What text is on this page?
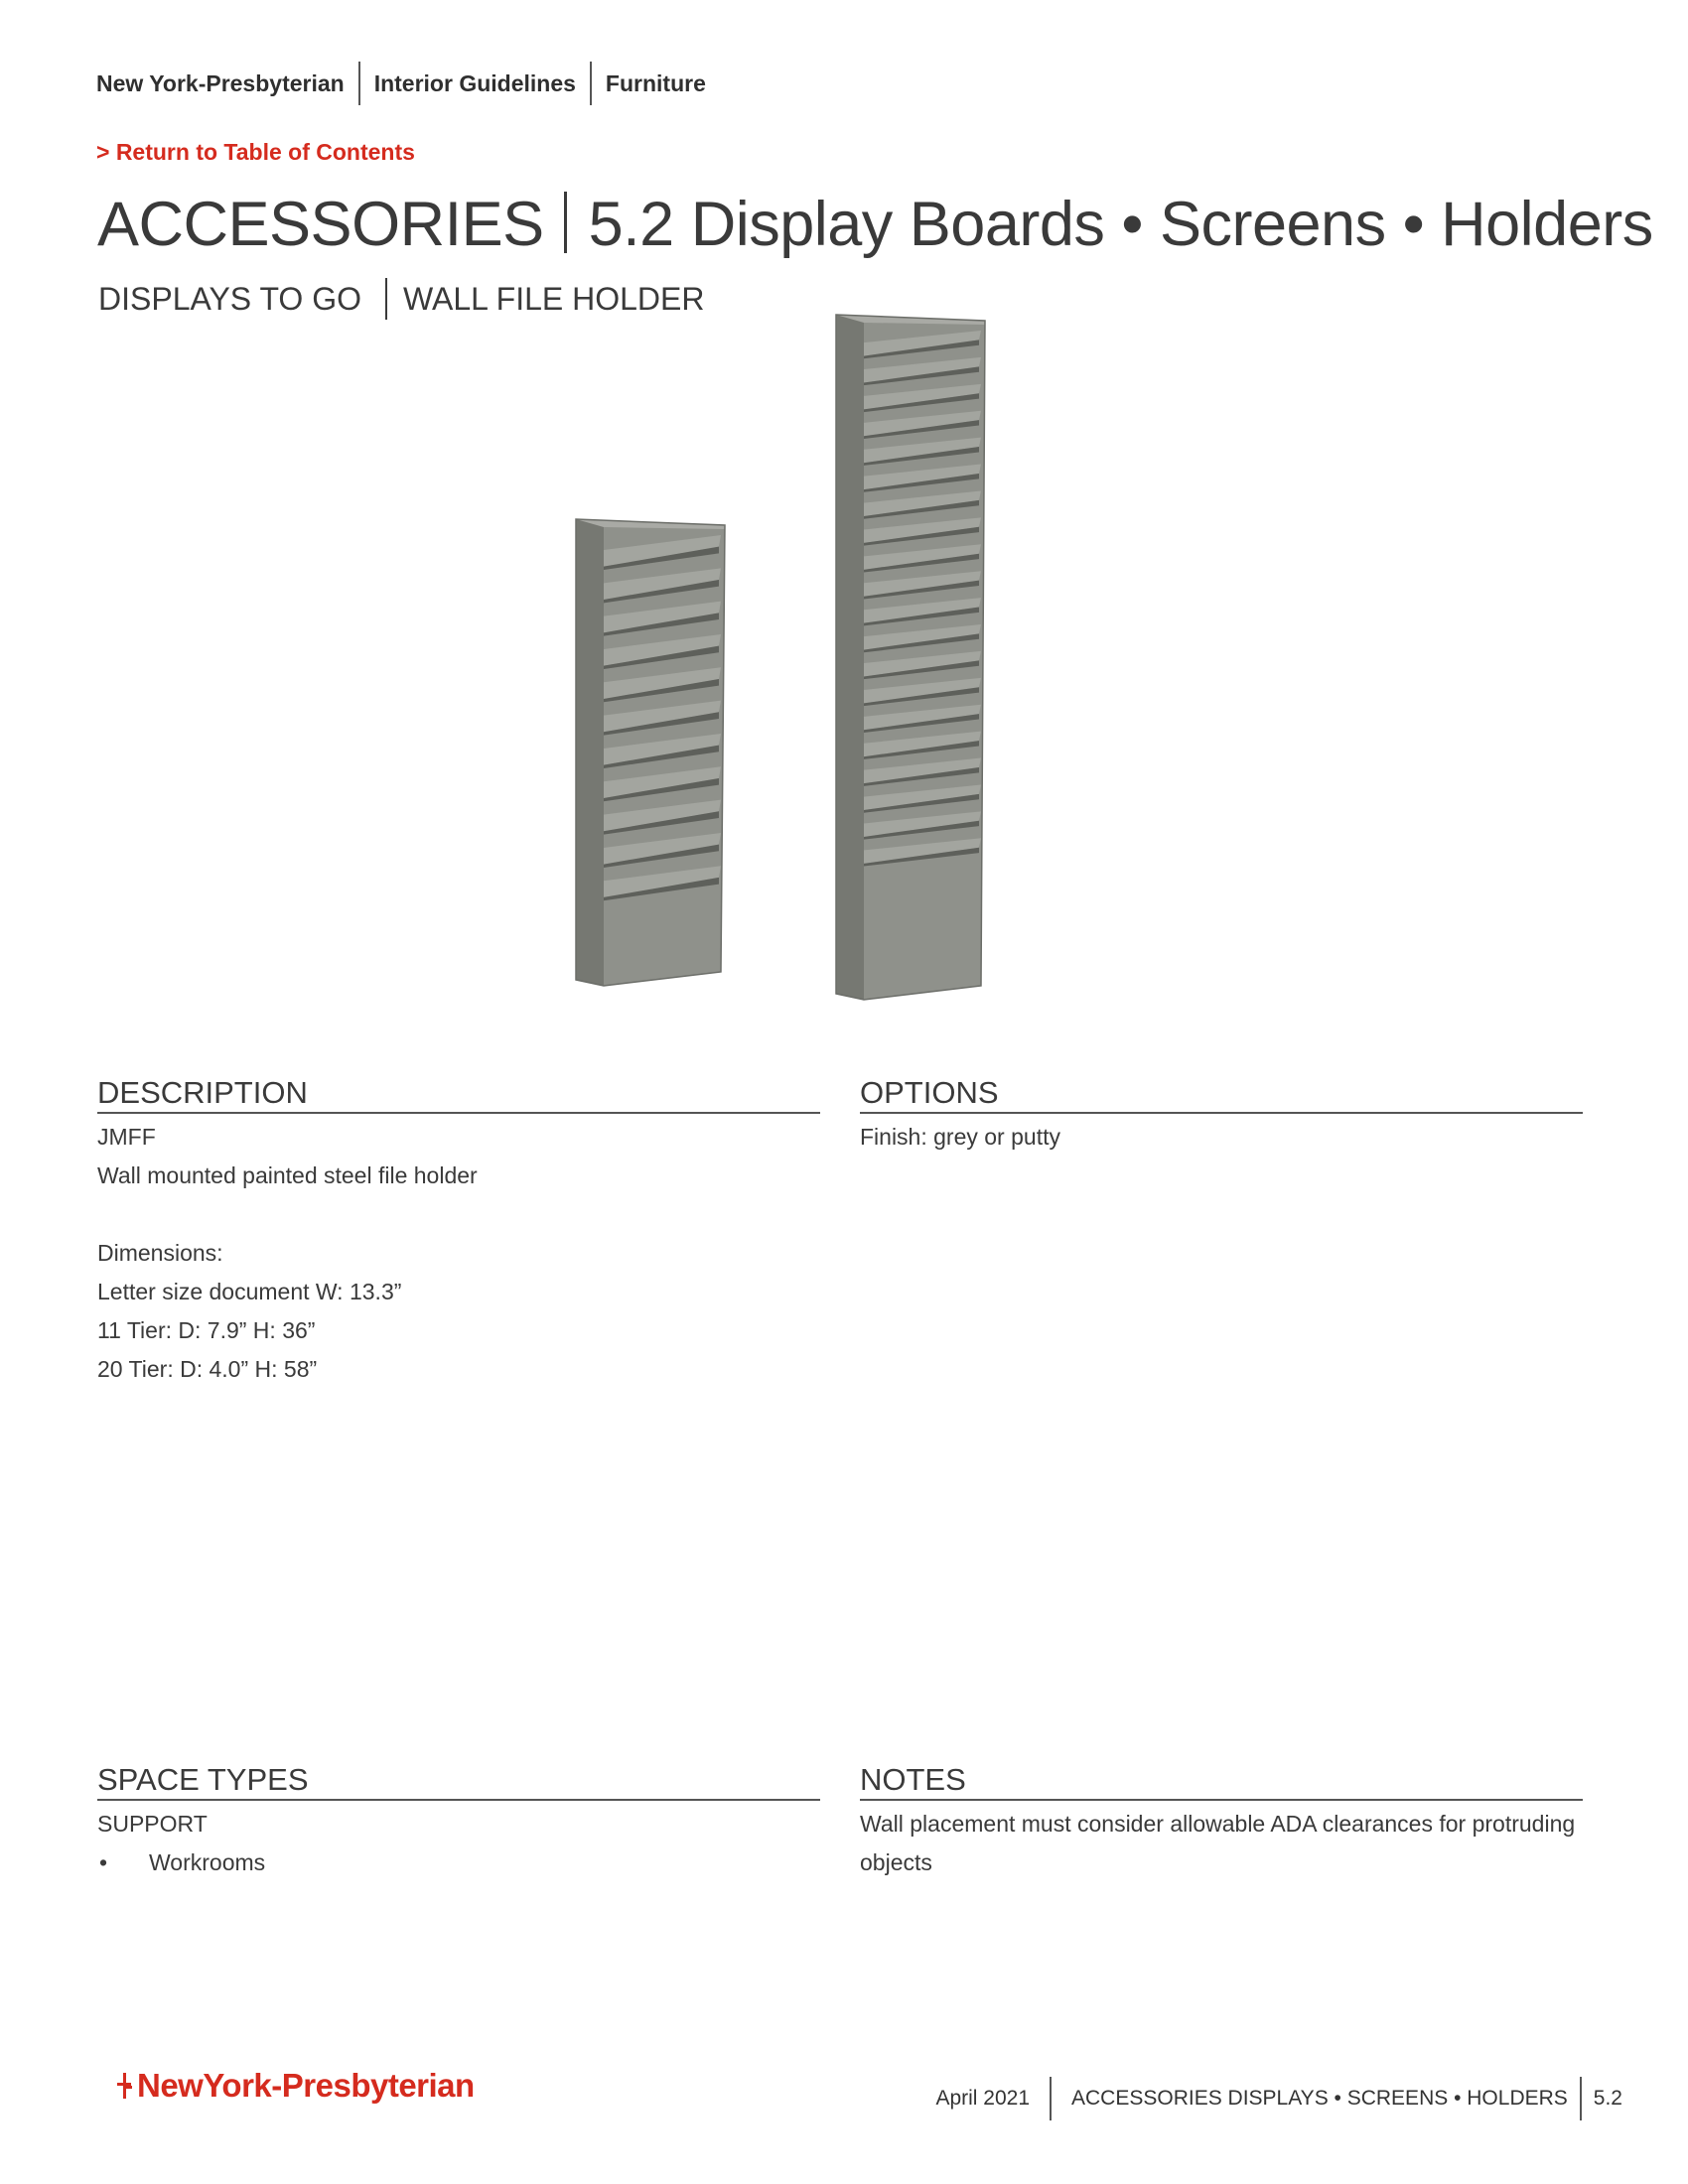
New York-Presbyterian Interior Guidelines Furniture
> Return to Table of Contents
ACCESSORIES 5.2 Display Boards • Screens • Holders
DISPLAYS TO GO WALL FILE HOLDER
DESCRIPTION

JMFF

Wall mounted painted steel file holder

Dimensions:

Letter size document W: 13.3”

11 Tier: D: 7.9” H: 36”

20 Tier: D: 4.0” H: 58”

OPTIONS

Finish: grey or putty

SPACE TYPES

SUPPORT

•	Workrooms
NOTES

Wall placement must consider allowable ADA clearances for protruding objects

NewYork-Presbyterian	April 2021 ACCESSORIES DISPLAYS • SCREENS • HOLDERS 5.2
